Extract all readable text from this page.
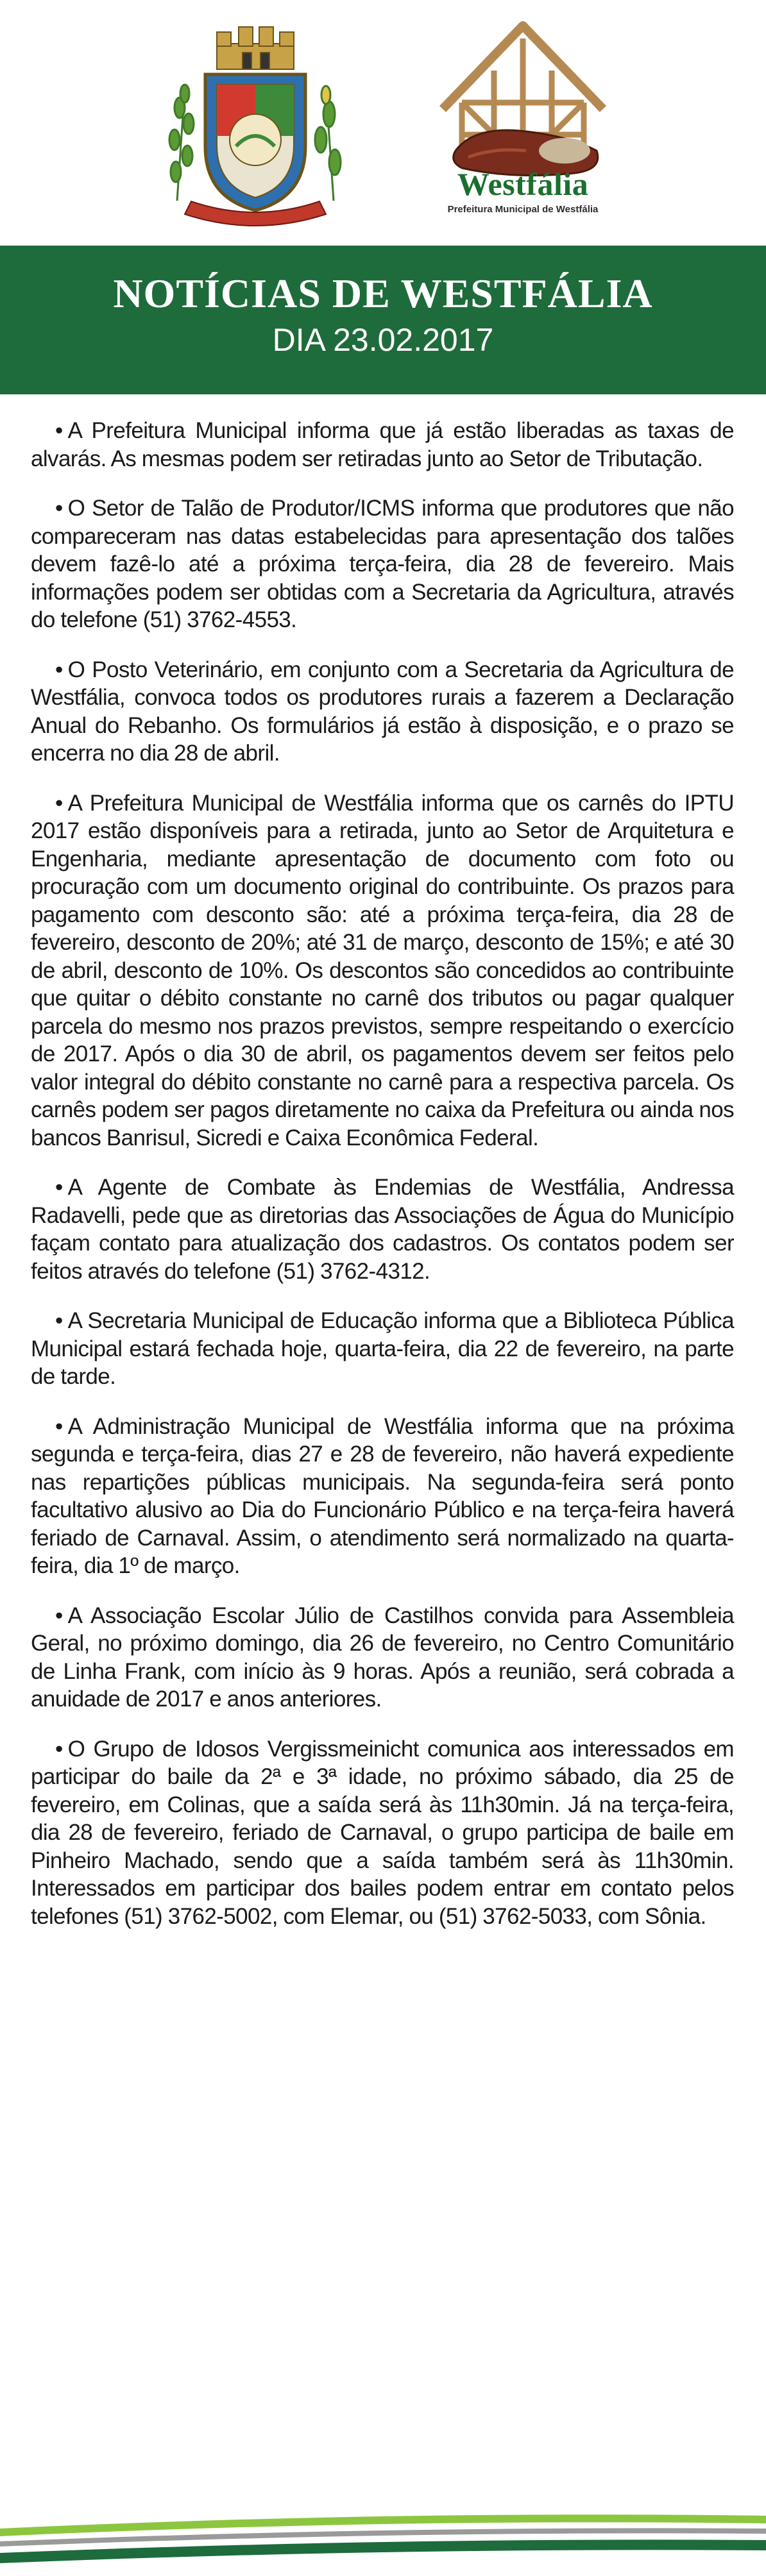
Westfália
Prefeitura Municipal de Westfália
NOTÍCIAS DE WESTFÁLIA
DIA 23.02.2017

• A Prefeitura Municipal informa que já estão liberadas as taxas de alvarás. As mesmas podem ser retiradas junto ao Setor de Tributação.

• O Setor de Talão de Produtor/ICMS informa que produtores que não compareceram nas datas estabelecidas para apresentação dos talões devem fazê-lo até a próxima terça-feira, dia 28 de fevereiro. Mais informações podem ser obtidas com a Secretaria da Agricultura, através do telefone (51) 3762-4553.

• O Posto Veterinário, em conjunto com a Secretaria da Agricultura de Westfália, convoca todos os produtores rurais a fazerem a Declaração Anual do Rebanho. Os formulários já estão à disposição, e o prazo se encerra no dia 28 de abril.

• A Prefeitura Municipal de Westfália informa que os carnês do IPTU 2017 estão disponíveis para a retirada, junto ao Setor de Arquitetura e Engenharia, mediante apresentação de documento com foto ou procuração com um documento original do contribuinte. Os prazos para pagamento com desconto são: até a próxima terça-feira, dia 28 de fevereiro, desconto de 20%; até 31 de março, desconto de 15%; e até 30 de abril, desconto de 10%. Os descontos são concedidos ao contribuinte que quitar o débito constante no carnê dos tributos ou pagar qualquer parcela do mesmo nos prazos previstos, sempre respeitando o exercício de 2017. Após o dia 30 de abril, os pagamentos devem ser feitos pelo valor integral do débito constante no carnê para a respectiva parcela. Os carnês podem ser pagos diretamente no caixa da Prefeitura ou ainda nos bancos Banrisul, Sicredi e Caixa Econômica Federal.

• A Agente de Combate às Endemias de Westfália, Andressa Radavelli, pede que as diretorias das Associações de Água do Município façam contato para atualização dos cadastros. Os contatos podem ser feitos através do telefone (51) 3762-4312.

• A Secretaria Municipal de Educação informa que a Biblioteca Pública Municipal estará fechada hoje, quarta-feira, dia 22 de fevereiro, na parte de tarde.

• A Administração Municipal de Westfália informa que na próxima segunda e terça-feira, dias 27 e 28 de fevereiro, não haverá expediente nas repartições públicas municipais. Na segunda-feira será ponto facultativo alusivo ao Dia do Funcionário Público e na terça-feira haverá feriado de Carnaval. Assim, o atendimento será normalizado na quarta-feira, dia 1º de março.

• A Associação Escolar Júlio de Castilhos convida para Assembleia Geral, no próximo domingo, dia 26 de fevereiro, no Centro Comunitário de Linha Frank, com início às 9 horas. Após a reunião, será cobrada a anuidade de 2017 e anos anteriores.

• O Grupo de Idosos Vergissmeinicht comunica aos interessados em participar do baile da 2ª e 3ª idade, no próximo sábado, dia 25 de fevereiro, em Colinas, que a saída será às 11h30min. Já na terça-feira, dia 28 de fevereiro, feriado de Carnaval, o grupo participa de baile em Pinheiro Machado, sendo que a saída também será às 11h30min. Interessados em participar dos bailes podem entrar em contato pelos telefones (51) 3762-5002, com Elemar, ou (51) 3762-5033, com Sônia.
